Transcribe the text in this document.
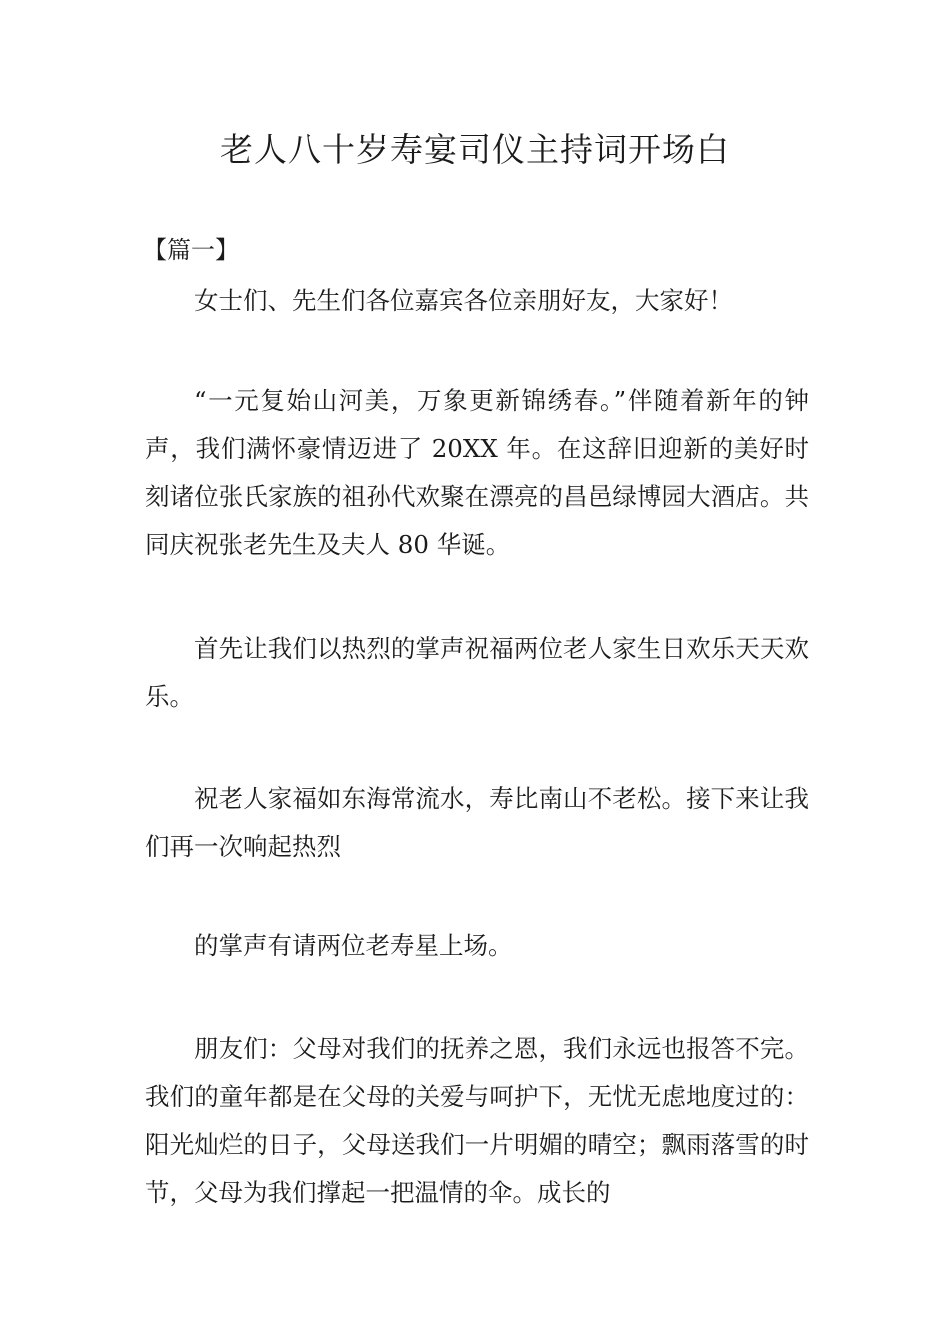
老人八十岁寿宴司仪主持词开场白
【篇一】

女士们、先生们各位嘉宾各位亲朋好友，大家好！

“一元复始山河美，万象更新锦绣春。”伴随着新年的钟声，我们满怀豪情迈进了 20XX 年。在这辞旧迎新的美好时刻诸位张氏家族的祖孙代欢聚在漂亮的昌邑绿博园大酒店。共同庆祝张老先生及夫人 80 华诞。

首先让我们以热烈的掌声祝福两位老人家生日欢乐天天欢乐。

祝老人家福如东海常流水，寿比南山不老松。接下来让我们再一次响起热烈

的掌声有请两位老寿星上场。

朋友们：父母对我们的抚养之恩，我们永远也报答不完。我们的童年都是在父母的关爱与呵护下，无忧无虑地度过的：阳光灿烂的日子，父母送我们一片明媚的晴空；飘雨落雪的时节，父母为我们撑起一把温情的伞。成长的
